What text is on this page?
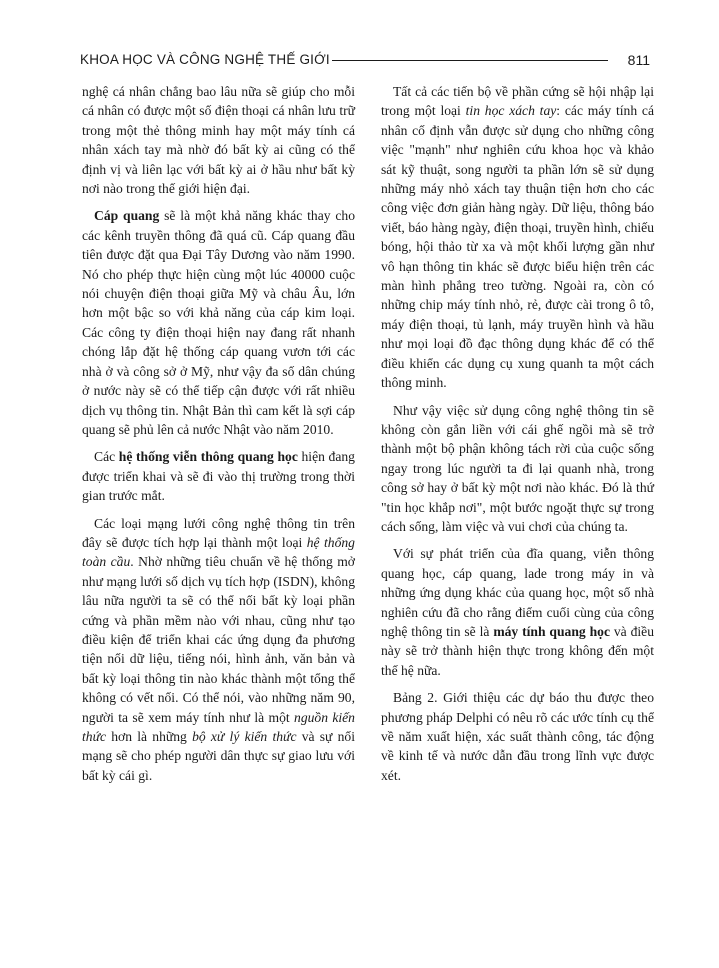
KHOA HỌC VÀ CÔNG NGHỆ THẾ GIỚI	811

nghệ cá nhân chẳng bao lâu nữa sẽ giúp cho mỗi cá nhân có được một số điện thoại cá nhân lưu trữ trong một thẻ thông minh hay một máy tính cá nhân xách tay mà nhờ đó bất kỳ ai cũng có thể định vị và liên lạc với bất kỳ ai ở hầu như bất kỳ nơi nào trong thế giới hiện đại.

Cáp quang sẽ là một khả năng khác thay cho các kênh truyền thông đã quá cũ. Cáp quang đầu tiên được đặt qua Đại Tây Dương vào năm 1990. Nó cho phép thực hiện cùng một lúc 40000 cuộc nói chuyện điện thoại giữa Mỹ và châu Âu, lớn hơn một bậc so với khả năng của cáp kim loại. Các công ty điện thoại hiện nay đang rất nhanh chóng lắp đặt hệ thống cáp quang vươn tới các nhà ở và công sở ở Mỹ, như vậy đa số dân chúng ở nước này sẽ có thể tiếp cận được với rất nhiều dịch vụ thông tin. Nhật Bản thì cam kết là sợi cáp quang sẽ phủ lên cả nước Nhật vào năm 2010.

Các hệ thống viễn thông quang học hiện đang được triển khai và sẽ đi vào thị trường trong thời gian trước mắt.

Các loại mạng lưới công nghệ thông tin trên đây sẽ được tích hợp lại thành một loại hệ thống toàn cầu. Nhờ những tiêu chuẩn về hệ thống mở như mạng lưới số dịch vụ tích hợp (ISDN), không lâu nữa người ta sẽ có thể nối bất kỳ loại phần cứng và phần mềm nào với nhau, cũng như tạo điều kiện để triển khai các ứng dụng đa phương tiện nối dữ liệu, tiếng nói, hình ảnh, văn bản và bất kỳ loại thông tin nào khác thành một tổng thể không có vết nối. Có thể nói, vào những năm 90, người ta sẽ xem máy tính như là một nguồn kiến thức hơn là những bộ xử lý kiến thức và sự nối mạng sẽ cho phép người dân thực sự giao lưu với bất kỳ cái gì.

Tất cả các tiến bộ về phần cứng sẽ hội nhập lại trong một loại tin học xách tay: các máy tính cá nhân cố định vẫn được sử dụng cho những công việc "mạnh" như nghiên cứu khoa học và khảo sát kỹ thuật, song người ta phần lớn sẽ sử dụng những máy nhỏ xách tay thuận tiện hơn cho các công việc đơn giản hàng ngày. Dữ liệu, thông báo viết, báo hàng ngày, điện thoại, truyền hình, chiếu bóng, hội thảo từ xa và một khối lượng gần như vô hạn thông tin khác sẽ được biểu hiện trên các màn hình phẳng treo tường. Ngoài ra, còn có những chip máy tính nhỏ, rẻ, được cài trong ô tô, máy điện thoại, tủ lạnh, máy truyền hình và hầu như mọi loại đồ đạc thông dụng khác để có thể điều khiển các dụng cụ xung quanh ta một cách thông minh.

Như vậy việc sử dụng công nghệ thông tin sẽ không còn gắn liền với cái ghế ngồi mà sẽ trở thành một bộ phận không tách rời của cuộc sống ngay trong lúc người ta đi lại quanh nhà, trong công sở hay ở bất kỳ một nơi nào khác. Đó là thứ "tin học khắp nơi", một bước ngoặt thực sự trong cách sống, làm việc và vui chơi của chúng ta.

Với sự phát triển của đĩa quang, viễn thông quang học, cáp quang, lade trong máy in và những ứng dụng khác của quang học, một số nhà nghiên cứu đã cho rằng điểm cuối cùng của công nghệ thông tin sẽ là máy tính quang học và điều này sẽ trở thành hiện thực trong không đến một thế hệ nữa.

Bảng 2. Giới thiệu các dự báo thu được theo phương pháp Delphi có nêu rõ các ước tính cụ thể về năm xuất hiện, xác suất thành công, tác động về kinh tế và nước dẫn đầu trong lĩnh vực được xét.
